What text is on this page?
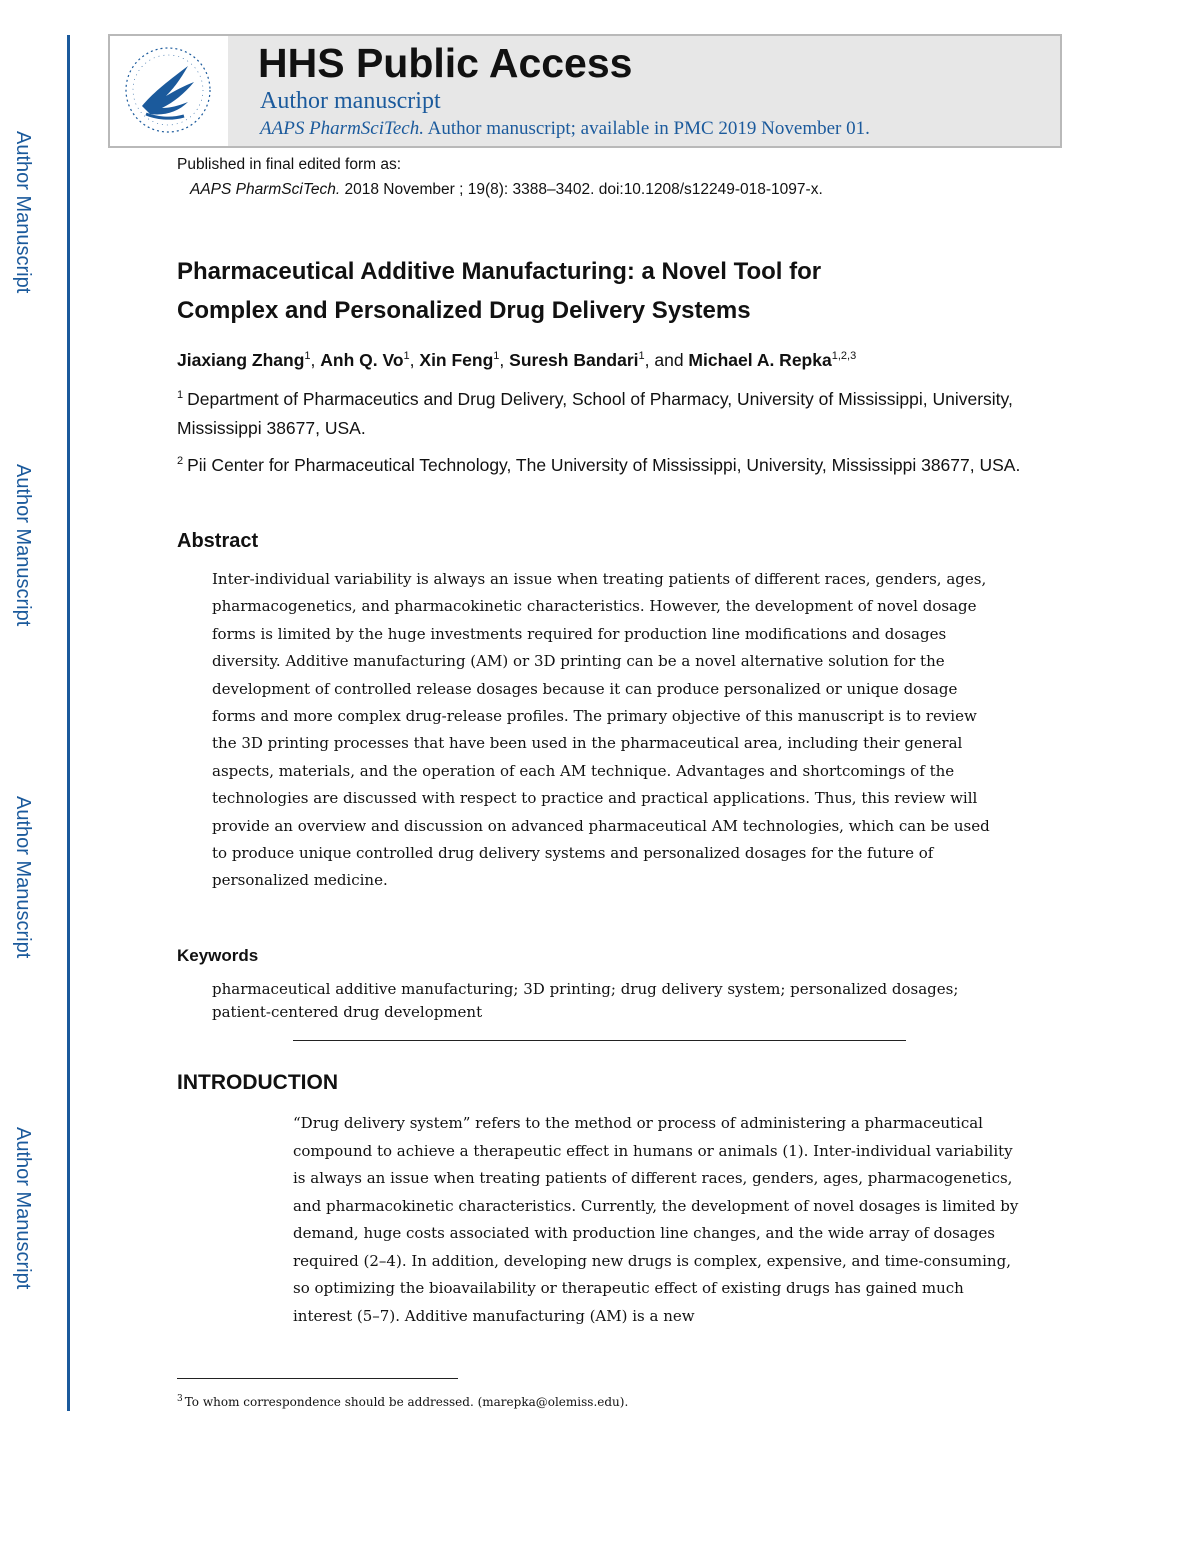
Author Manuscript
Author Manuscript
Author Manuscript
Author Manuscript
HHS Public Access
Author manuscript
AAPS PharmSciTech. Author manuscript; available in PMC 2019 November 01.
Published in final edited form as:
AAPS PharmSciTech. 2018 November ; 19(8): 3388–3402. doi:10.1208/s12249-018-1097-x.
Pharmaceutical Additive Manufacturing: a Novel Tool for
Complex and Personalized Drug Delivery Systems
Jiaxiang Zhang$^1$, Anh Q. Vo$^1$, Xin Feng$^1$, Suresh Bandari$^1$, and Michael A. Repka$^{1,2,3}$
$^1$ Department of Pharmaceutics and Drug Delivery, School of Pharmacy, University of Mississippi, University, Mississippi 38677, USA.
$^2$ Pii Center for Pharmaceutical Technology, The University of Mississippi, University, Mississippi 38677, USA.
Abstract
Inter-individual variability is always an issue when treating patients of different races, genders, ages, pharmacogenetics, and pharmacokinetic characteristics. However, the development of novel dosage forms is limited by the huge investments required for production line modifications and dosages diversity. Additive manufacturing (AM) or 3D printing can be a novel alternative solution for the development of controlled release dosages because it can produce personalized or unique dosage forms and more complex drug-release profiles. The primary objective of this manuscript is to review the 3D printing processes that have been used in the pharmaceutical area, including their general aspects, materials, and the operation of each AM technique. Advantages and shortcomings of the technologies are discussed with respect to practice and practical applications. Thus, this review will provide an overview and discussion on advanced pharmaceutical AM technologies, which can be used to produce unique controlled drug delivery systems and personalized dosages for the future of personalized medicine.
Keywords
pharmaceutical additive manufacturing; 3D printing; drug delivery system; personalized dosages; patient-centered drug development
INTRODUCTION
“Drug delivery system” refers to the method or process of administering a pharmaceutical compound to achieve a therapeutic effect in humans or animals (1). Inter-individual variability is always an issue when treating patients of different races, genders, ages, pharmacogenetics, and pharmacokinetic characteristics. Currently, the development of novel dosages is limited by demand, huge costs associated with production line changes, and the wide array of dosages required (2–4). In addition, developing new drugs is complex, expensive, and time-consuming, so optimizing the bioavailability or therapeutic effect of existing drugs has gained much interest (5–7). Additive manufacturing (AM) is a new
$^3$ To whom correspondence should be addressed. (marepka@olemiss.edu).
